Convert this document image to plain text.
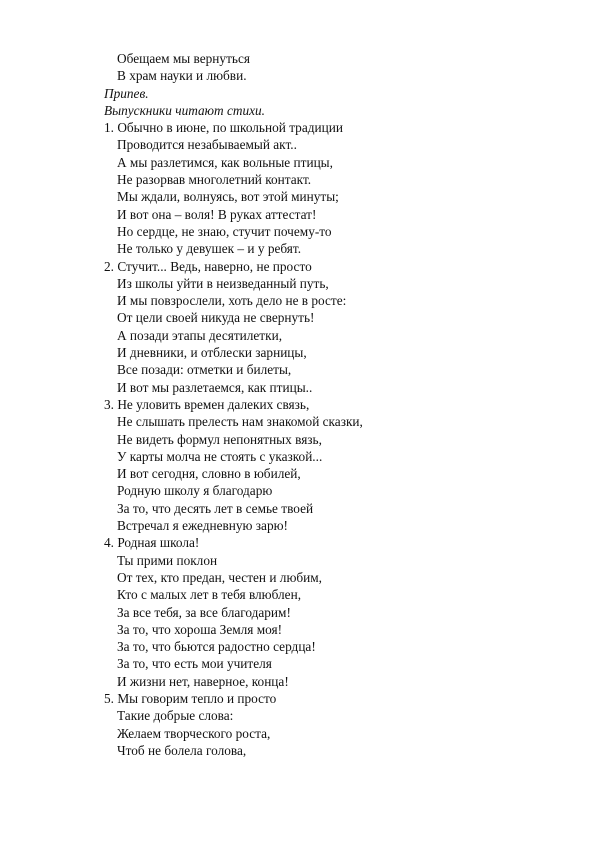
Обещаем мы вернуться
В храм науки и любви.
Припев.
Выпускники читают стихи.
1. Обычно в июне, по школьной традиции
Проводится незабываемый акт..
А мы разлетимся, как вольные птицы,
Не разорвав многолетний контакт.
Мы ждали, волнуясь, вот этой минуты;
И вот она – воля! В руках аттестат!
Но сердце, не знаю, стучит почему-то
Не только у девушек – и у ребят.
2. Стучит... Ведь, наверно, не просто
Из школы уйти в неизведанный путь,
И мы повзрослели, хоть дело не в росте:
От цели своей никуда не свернуть!
А позади этапы десятилетки,
И дневники, и отблески зарницы,
Все позади: отметки и билеты,
И вот мы разлетаемся, как птицы..
3. Не уловить времен далеких связь,
Не слышать прелесть нам знакомой сказки,
Не видеть формул непонятных вязь,
У карты молча не стоять с указкой...
И вот сегодня, словно в юбилей,
Родную школу я благодарю
За то, что десять лет в семье твоей
Встречал я ежедневную зарю!
4. Родная школа!
Ты прими поклон
От тех, кто предан, честен и любим,
Кто с малых лет в тебя влюблен,
За все тебя, за все благодарим!
За то, что хороша Земля моя!
За то, что бьются радостно сердца!
За то, что есть мои учителя
И жизни нет, наверное, конца!
5. Мы говорим тепло и просто
Такие добрые слова:
Желаем творческого роста,
Чтоб не болела голова,
